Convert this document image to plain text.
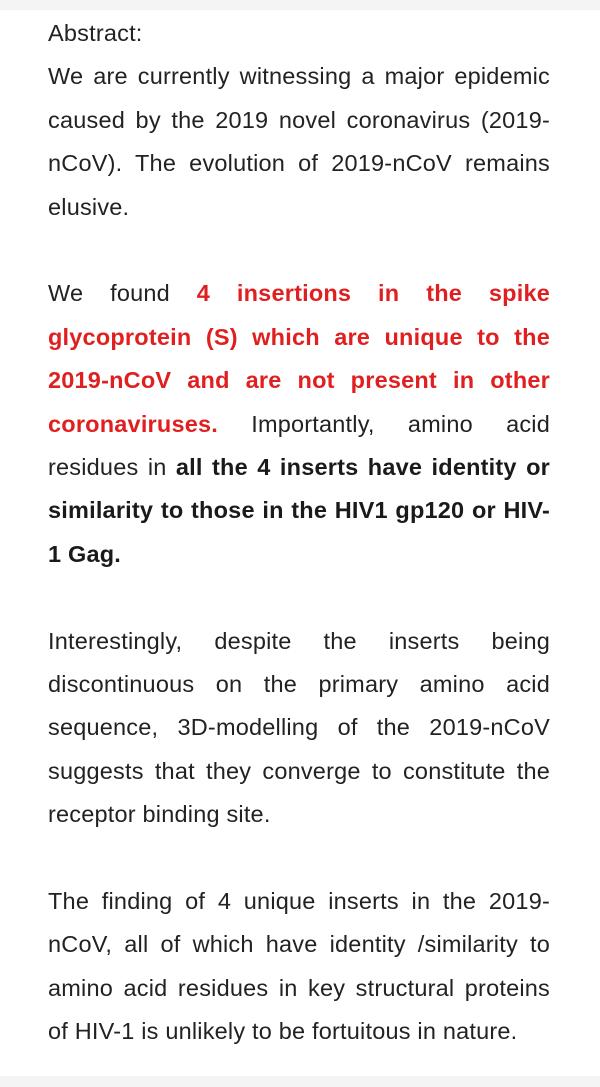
Abstract:

We are currently witnessing a major epidemic caused by the 2019 novel coronavirus (2019- nCoV). The evolution of 2019-nCoV remains elusive.

We found 4 insertions in the spike glycoprotein (S) which are unique to the 2019-nCoV and are not present in other coronaviruses. Importantly, amino acid residues in all the 4 inserts have identity or similarity to those in the HIV1 gp120 or HIV-1 Gag.

Interestingly, despite the inserts being discontinuous on the primary amino acid sequence, 3D-modelling of the 2019-nCoV suggests that they converge to constitute the receptor binding site.

The finding of 4 unique inserts in the 2019-nCoV, all of which have identity /similarity to amino acid residues in key structural proteins of HIV-1 is unlikely to be fortuitous in nature.
